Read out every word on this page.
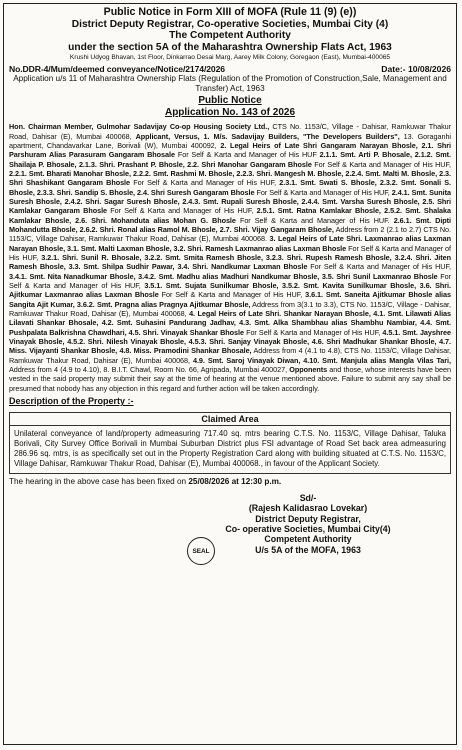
Public Notice in Form XIII of MOFA (Rule 11 (9) (e))
District Deputy Registrar, Co-operative Societies, Mumbai City (4)
The Competent Authority
under the section 5A of the Maharashtra Ownership Flats Act, 1963
Krushi Udyog Bhavan, 1st Floor, Dinkarrao Desai Marg, Aarey Milk Colony, Goregaon (East), Mumbai-400065
No.DDR-4/Mum/deemed conveyance/Notice/2174/2026	Date:- 10/08/2026
Application u/s 11 of Maharashtra Ownership Flats (Regulation of the Promotion of Construction,Sale, Management and Transfer) Act, 1963
Public Notice
Application No. 143 of 2026
Hon. Chairman Member, Gulmohar Sadavijay Co-op Housing Society Ltd., CTS No. 1153/C, Village - Dahisar, Ramkuwar Thakur Road, Dahisar (E), Mumbai 400068, Applicant, Versus, 1. M/s. Sadavijay Builders, "The Developers Builders", 13. Goraganhi apartment, Chandavarkar Lane, Borivali (W), Mumbai 400092, 2. Legal Heirs of Late Shri Gangaram Narayan Bhosle, 2.1. Shri Parshuram Alias Parasuram Gangaram Bhosale For Self & Karta and Manager of His HUF 2.1.1. Smt. Arti P. Bhosale, 2.1.2. Smt. Shailaja P. Bhosale, 2.1.3. Shri. Prashant P. Bhosle, 2.2. Shri Manohar Gangaram Bhosle For Self & Karta and Manager of His HUF, 2.2.1. Smt. Bharati Manohar Bhosle, 2.2.2. Smt. Rashmi M. Bhosle, 2.2.3. Shri. Mangesh M. Bhosle, 2.2.4. Smt. Malti M. Bhosle, 2.3. Shri Shashikant Gangaram Bhosle For Self & Karta and Manager of His HUF, 2.3.1. Smt. Swati S. Bhosle, 2.3.2. Smt. Sonali S. Bhosle, 2.3.3. Shri. Sandip S. Bhosle, 2.4. Shri Suresh Gangaram Bhosle For Self & Karta and Manager of His HUF, 2.4.1. Smt. Sunita Suresh Bhosle, 2.4.2. Shri. Sagar Suresh Bhosle, 2.4.3. Smt. Rupali Suresh Bhosle, 2.4.4. Smt. Varsha Suresh Bhosle, 2.5. Shri Kamlakar Gangaram Bhosle For Self & Karta and Manager of His HUF, 2.5.1. Smt. Ratna Kamlakar Bhosle, 2.5.2. Smt. Shalaka Kamlakar Bhosle, 2.6. Shri. Mohanduta alias Mohan G. Bhosle For Self & Karta and Manager of His HUF. 2.6.1. Smt. Dipti Mohandutta Bhosle, 2.6.2. Shri. Ronal alias Ramol M. Bhosle, 2.7. Shri. Vijay Gangaram Bhosle, Address from 2 (2.1 to 2.7) CTS No. 1153/C, Village Dahisar, Ramkuwar Thakur Road, Dahisar (E), Mumbai 400068. 3. Legal Heirs of Late Shri. Laxmanrao alias Laxman Narayan Bhosle, 3.1. Smt. Malti Laxman Bhosle, 3.2. Shri. Ramesh Laxmanrao alias Laxman Bhosle For Self & Karta and Manager of His HUF, 3.2.1. Shri. Sunil R. Bhosale, 3.2.2. Smt. Smita Ramesh Bhosle, 3.2.3. Shri. Rupesh Ramesh Bhosle, 3.2.4. Shri. Jiten Ramesh Bhosle, 3.3. Smt. Shilpa Sudhir Pawar, 3.4. Shri. Nandkumar Laxman Bhosle For Self & Karta and Manager of His HUF, 3.4.1. Smt. Nita Nanadkumar Bhosle, 3.4.2. Smt. Madhu alias Madhuri Nandkumar Bhosle, 3.5. Shri Sunil Laxmanrao Bhosle For Self & Karta and Manager of His HUF, 3.5.1. Smt. Sujata Sunilkumar Bhosle, 3.5.2. Smt. Kavita Sunilkumar Bhosle, 3.6. Shri. Ajitkumar Laxmanrao alias Laxman Bhosle For Self & Karta and Manager of His HUF, 3.6.1. Smt. Saneita Ajitkumar Bhosle alias Sangita Ajit Kumar, 3.6.2. Smt. Pragna alias Pragnya Ajitkumar Bhosle, Address from 3(3.1 to 3.3), CTS No. 1153/C, Village - Dahisar, Ramkuwar Thakur Road, Dahisar (E), Mumbai 400068, 4. Legal Heirs of Late Shri. Shankar Narayan Bhosle, 4.1. Smt. Lilawati Alias Lilavati Shankar Bhosale, 4.2. Smt. Suhasini Pandurang Jadhav, 4.3. Smt. Alka Shambhau alias Shambhu Nambiar, 4.4. Smt. Pushpalata Balkrishna Chawdhari, 4.5. Shri. Vinayak Shankar Bhosle For Self & Karta and Manager of His HUF, 4.5.1. Smt. Jayshree Vinayak Bhosle, 4.5.2. Shri. Nilesh Vinayak Bhosle, 4.5.3. Shri. Sanjay Vinayak Bhosle, 4.6. Shri Madhukar Shankar Bhosle, 4.7. Miss. Vijayanti Shankar Bhosle, 4.8. Miss. Pramodini Shankar Bhosale, Address from 4 (4.1 to 4.8), CTS No. 1153/C, Village Dahisar, Ramkuwar Thakur Road, Dahisar (E), Mumbai 400068, 4.9. Smt. Saroj Vinayak Diwan, 4.10. Smt. Manjula alias Mangla Vilas Tari, Address from 4 (4.9 to 4.10), 8. B.I.T. Chawl, Room No. 66, Agripada, Mumbai 400027, Opponents and those, whose interests have been vested in the said property may submit their say at the time of hearing at the venue mentioned above. Failure to submit any say shall be presumed that nobody has any objection in this regard and further action will be taken accordingly.
Description of the Property :-
Claimed Area
Unilateral conveyance of land/property admeasuring 717.40 sq. mtrs bearing C.T.S. No. 1153/C, Village Dahisar, Taluka Borivali, City Survey Office Borivali in Mumbai Suburban District plus FSI advantage of Road Set back area admeasuring 286.96 sq. mtrs, is as specifically set out in the Property Registration Card along with building situated at C.T.S. No. 1153/C, Village Dahisar, Ramkuwar Thakur Road, Dahisar (E), Mumbai 400068., in favour of the Applicant Society.
The hearing in the above case has been fixed on 25/08/2026 at 12:30 p.m.
SEAL
Sd/-
(Rajesh Kalidasrao Lovekar)
District Deputy Registrar,
Co- operative Societies, Mumbai City(4)
Competent Authority
U/s 5A of the MOFA, 1963
